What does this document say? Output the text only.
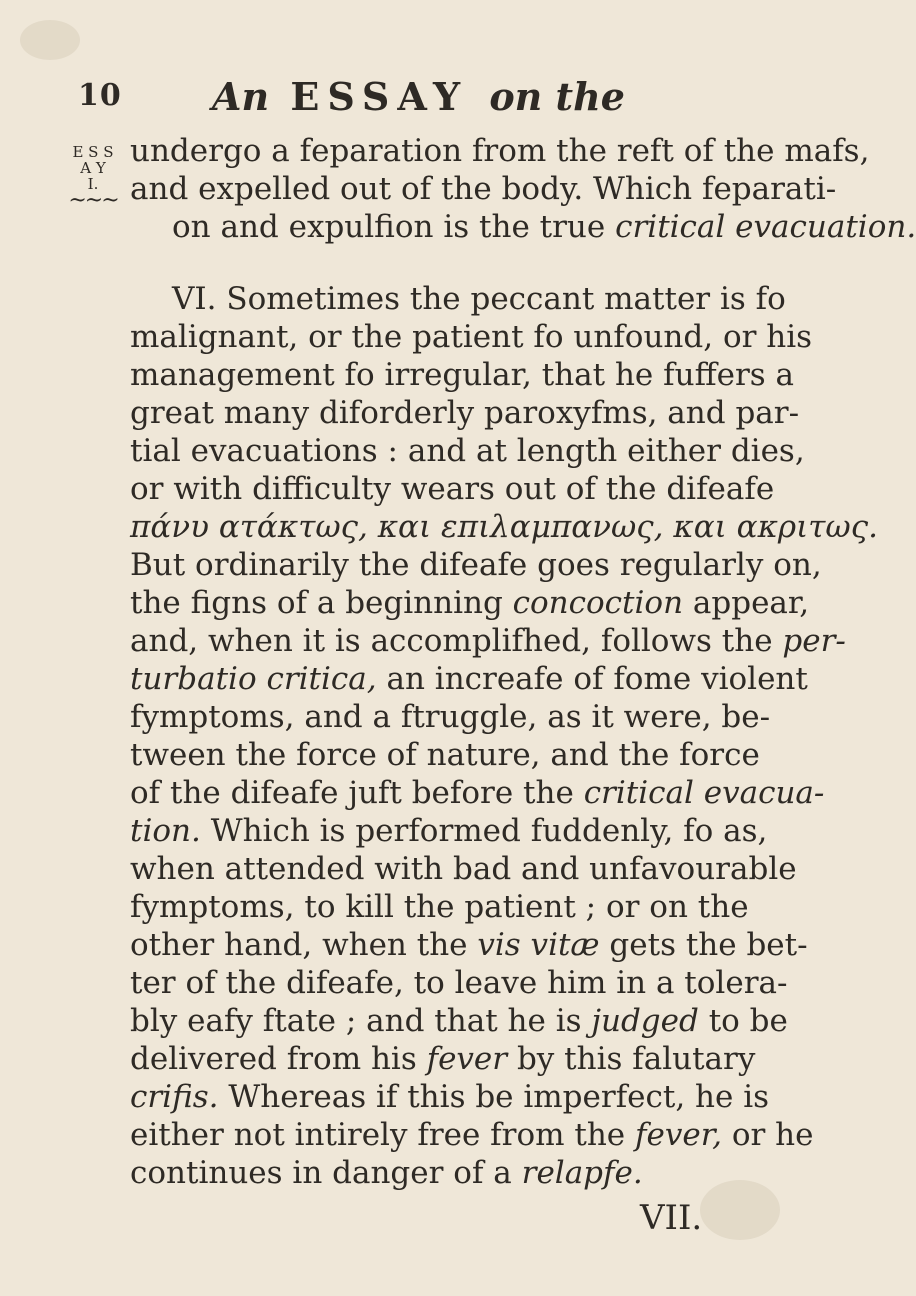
10 An ESSAY on the
E S S A Y
I.
~~~
undergo a feparation from the reft of the mafs,
and expelled out of the body. Which feparati-
on and expulfion is the true critical evacuation.
VI. Sometimes the peccant matter is fo
malignant, or the patient fo unfound, or his
management fo irregular, that he fuffers a
great many diforderly paroxyfms, and par-
tial evacuations : and at length either dies,
or with difficulty wears out of the difeafe
πάνυ ατάκτως, και επιλαμπανως, και ακριτως.
But ordinarily the difeafe goes regularly on,
the figns of a beginning concoction appear,
and, when it is accomplifhed, follows the per-
turbatio critica, an increafe of fome violent
fymptoms, and a ftruggle, as it were, be-
tween the force of nature, and the force
of the difeafe juft before the critical evacua-
tion. Which is performed fuddenly, fo as,
when attended with bad and unfavourable
fymptoms, to kill the patient ; or on the
other hand, when the vis vitæ gets the bet-
ter of the difeafe, to leave him in a tolera-
bly eafy ftate ; and that he is judged to be
delivered from his fever by this falutary
crifis. Whereas if this be imperfect, he is
either not intirely free from the fever, or he
continues in danger of a relapfe.
VII.
